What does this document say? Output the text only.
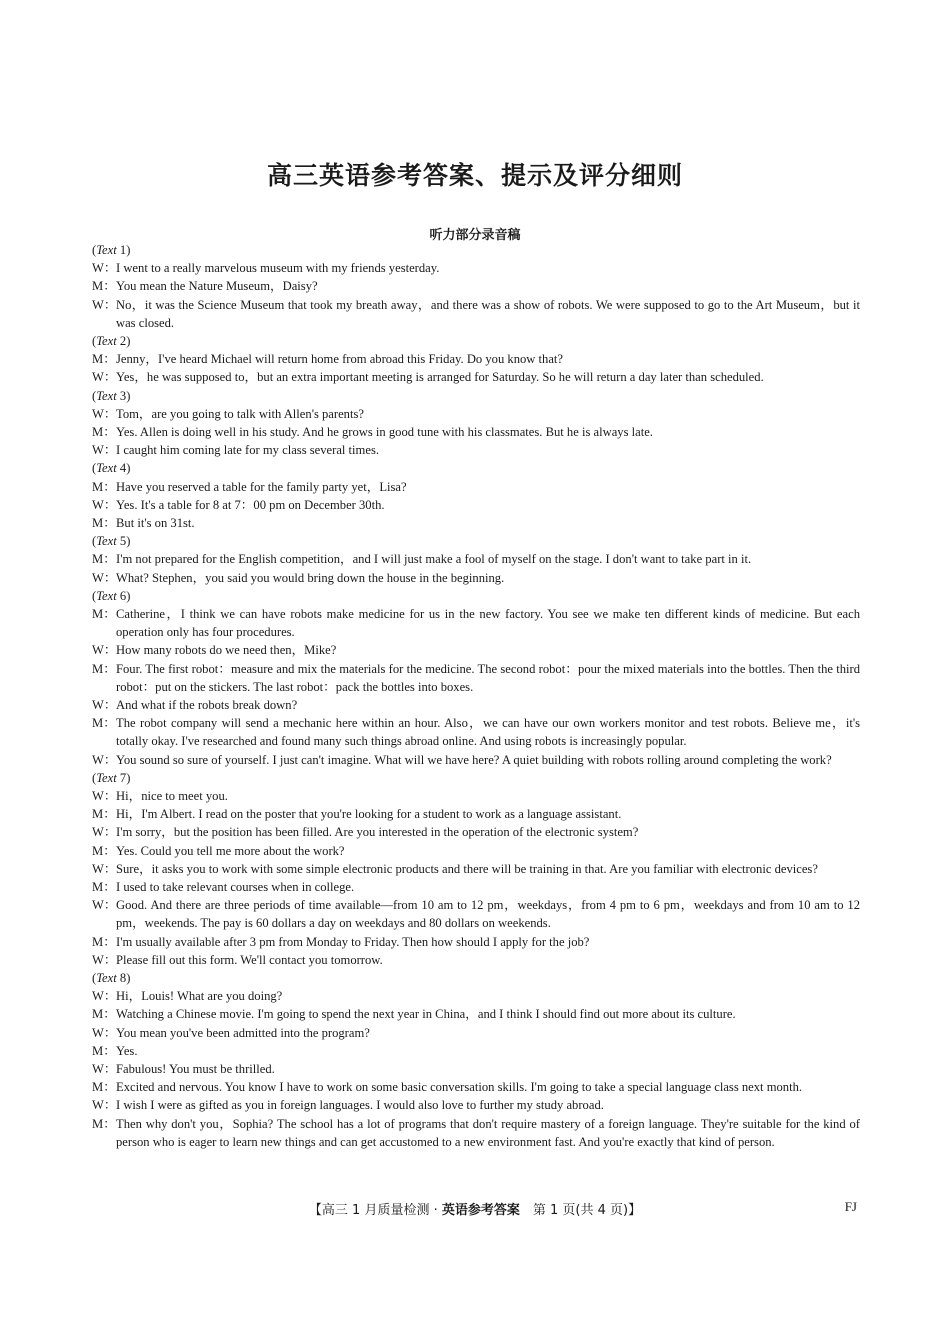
高三英语参考答案、提示及评分细则
听力部分录音稿
(Text 1)
W：I went to a really marvelous museum with my friends yesterday.
M：You mean the Nature Museum，Daisy?
W：No，it was the Science Museum that took my breath away，and there was a show of robots. We were supposed to go to the Art Museum，but it was closed.
(Text 2)
M：Jenny，I've heard Michael will return home from abroad this Friday. Do you know that?
W：Yes，he was supposed to，but an extra important meeting is arranged for Saturday. So he will return a day later than scheduled.
(Text 3)
W：Tom，are you going to talk with Allen's parents?
M：Yes. Allen is doing well in his study. And he grows in good tune with his classmates. But he is always late.
W：I caught him coming late for my class several times.
(Text 4)
M：Have you reserved a table for the family party yet，Lisa?
W：Yes. It's a table for 8 at 7：00 pm on December 30th.
M：But it's on 31st.
(Text 5)
M：I'm not prepared for the English competition，and I will just make a fool of myself on the stage. I don't want to take part in it.
W：What? Stephen，you said you would bring down the house in the beginning.
(Text 6)
M：Catherine，I think we can have robots make medicine for us in the new factory. You see we make ten different kinds of medicine. But each operation only has four procedures.
W：How many robots do we need then，Mike?
M：Four. The first robot：measure and mix the materials for the medicine. The second robot：pour the mixed materials into the bottles. Then the third robot：put on the stickers. The last robot：pack the bottles into boxes.
W：And what if the robots break down?
M：The robot company will send a mechanic here within an hour. Also，we can have our own workers monitor and test robots. Believe me，it's totally okay. I've researched and found many such things abroad online. And using robots is increasingly popular.
W：You sound so sure of yourself. I just can't imagine. What will we have here? A quiet building with robots rolling around completing the work?
(Text 7)
W：Hi，nice to meet you.
M：Hi，I'm Albert. I read on the poster that you're looking for a student to work as a language assistant.
W：I'm sorry，but the position has been filled. Are you interested in the operation of the electronic system?
M：Yes. Could you tell me more about the work?
W：Sure，it asks you to work with some simple electronic products and there will be training in that. Are you familiar with electronic devices?
M：I used to take relevant courses when in college.
W：Good. And there are three periods of time available—from 10 am to 12 pm，weekdays，from 4 pm to 6 pm，weekdays and from 10 am to 12 pm，weekends. The pay is 60 dollars a day on weekdays and 80 dollars on weekends.
M：I'm usually available after 3 pm from Monday to Friday. Then how should I apply for the job?
W：Please fill out this form. We'll contact you tomorrow.
(Text 8)
W：Hi，Louis! What are you doing?
M：Watching a Chinese movie. I'm going to spend the next year in China，and I think I should find out more about its culture.
W：You mean you've been admitted into the program?
M：Yes.
W：Fabulous! You must be thrilled.
M：Excited and nervous. You know I have to work on some basic conversation skills. I'm going to take a special language class next month.
W：I wish I were as gifted as you in foreign languages. I would also love to further my study abroad.
M：Then why don't you，Sophia? The school has a lot of programs that don't require mastery of a foreign language. They're suitable for the kind of person who is eager to learn new things and can get accustomed to a new environment fast. And you're exactly that kind of person.
【高三 1 月质量检测 · 英语参考答案　第 1 页(共 4 页)】	FJ
